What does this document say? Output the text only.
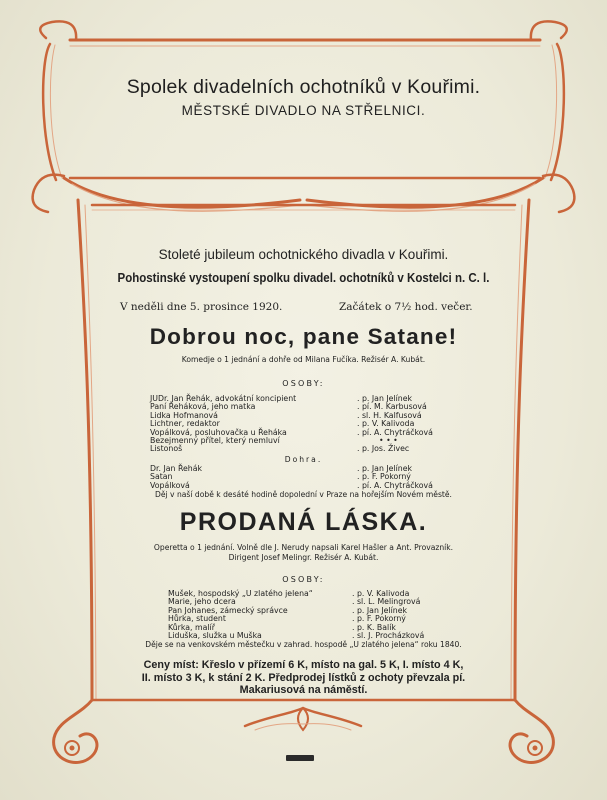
Spolek divadelních ochotníků v Kouřimi.
MĚSTSKÉ DIVADLO NA STŘELNICI.
Stoleté jubileum ochotnického divadla v Kouřimi.
Pohostinské vystoupení spolku divadel. ochotníků v Kostelci n. C. l.
V neděli dne 5. prosince 1920.	Začátek o 7½ hod. večer.
Dobrou noc, pane Satane!
Komedje o 1 jednání a dohře od Milana Fučíka. Režisér A. Kubát.
OSOBY:
JUDr. Jan Řehák, advokátní koncipient
Paní Řeháková, jeho matka
Lidka Hofmanová
Lichtner, redaktor
Vopálková, posluhovačka u Řeháka
Bezejmenný přítel, který nemluví
Listonoš
. p. Jan Jelínek
. pí. M. Karbusová
. sl. H. Kalfusová
. p. V. Kalivoda
. pí. A. Chytráčková
• • •
. p. Jos. Živec
Dohra.
Dr. Jan Řehák
Satan
Vopálková
. p. Jan Jelínek
. p. F. Pokorný
. pí. A. Chytráčková
Děj v naší době k desáté hodině dopolední v Praze na hořejším Novém městě.
PRODANÁ LÁSKA.
Operetta o 1 jednání. Volně dle J. Nerudy napsali Karel Hašler a Ant. Provazník.
Dirigent Josef Melingr. Režisér A. Kubát.
OSOBY:
Mušek, hospodský „U zlatého jelena“
Marie, jeho dcera
Pan Johanes, zámecký správce
Hůrka, student
Kůrka, malíř
Liduška, služka u Muška
. p. V. Kalivoda
. sl. L. Melingrová
. p. Jan Jelínek
. p. F. Pokorný
. p. K. Balík
. sl. J. Procházková
Děje se na venkovském městečku v zahrad. hospodě „U zlatého jelena“ roku 1840.
Ceny míst: Křeslo v přízemí 6 K, místo na gal. 5 K, I. místo 4 K,
II. místo 3 K, k stání 2 K. Předprodej lístků z ochoty převzala pí.
Makariusová na náměstí.
